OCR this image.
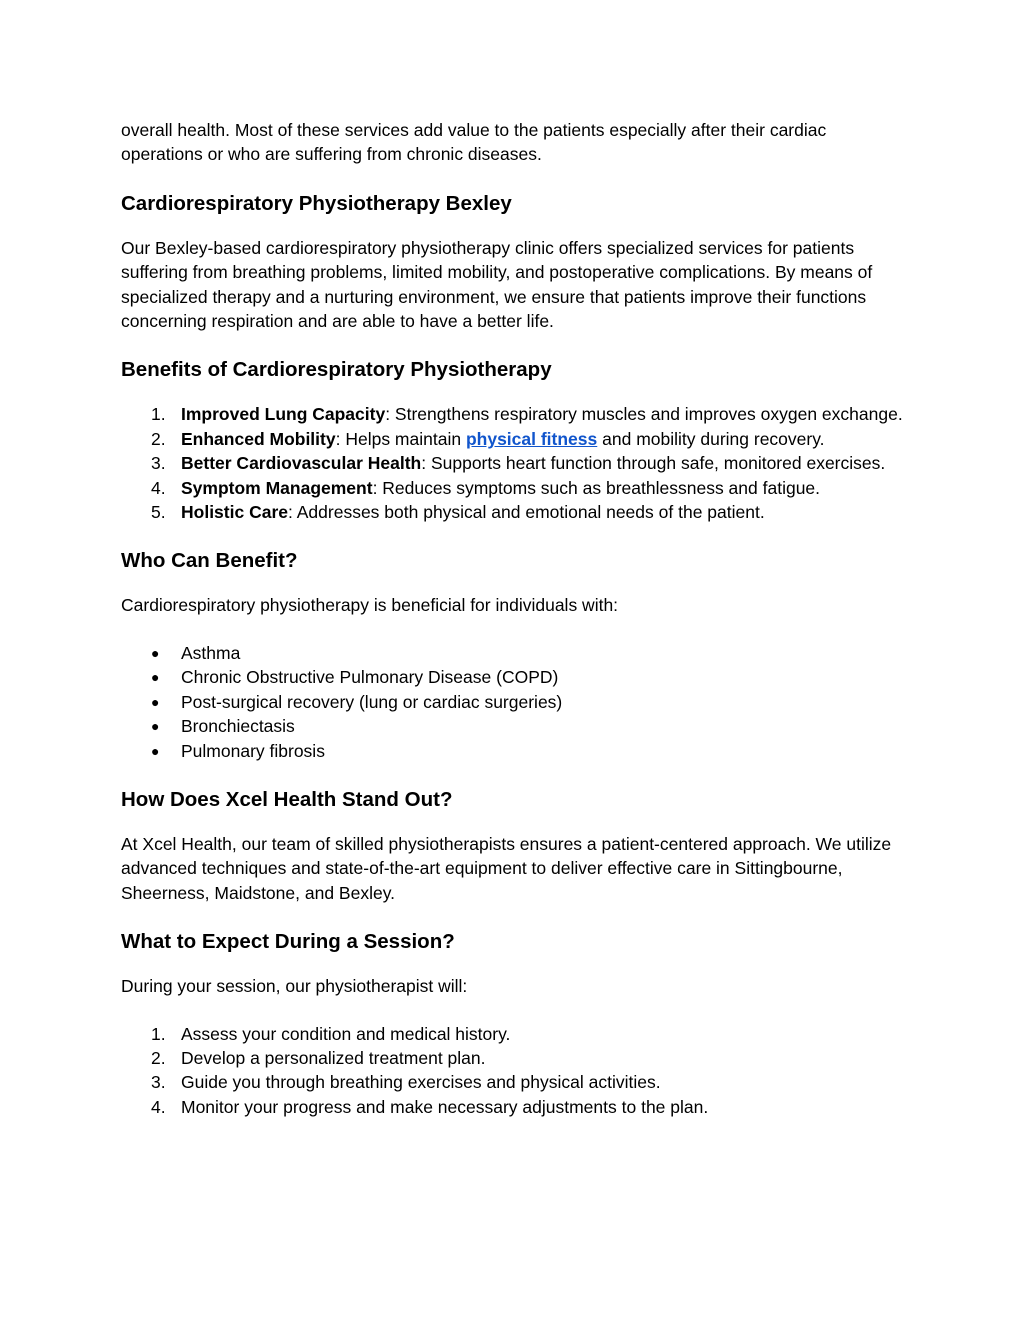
overall health. Most of these services add value to the patients especially after their cardiac operations or who are suffering from chronic diseases.

Cardiorespiratory Physiotherapy Bexley

Our Bexley-based cardiorespiratory physiotherapy clinic offers specialized services for patients suffering from breathing problems, limited mobility, and postoperative complications. By means of specialized therapy and a nurturing environment, we ensure that patients improve their functions concerning respiration and are able to have a better life.

Benefits of Cardiorespiratory Physiotherapy
1. Improved Lung Capacity: Strengthens respiratory muscles and improves oxygen exchange.
2. Enhanced Mobility: Helps maintain physical fitness and mobility during recovery.
3. Better Cardiovascular Health: Supports heart function through safe, monitored exercises.
4. Symptom Management: Reduces symptoms such as breathlessness and fatigue.
5. Holistic Care: Addresses both physical and emotional needs of the patient.
Who Can Benefit?

Cardiorespiratory physiotherapy is beneficial for individuals with:

● Asthma
● Chronic Obstructive Pulmonary Disease (COPD)
● Post-surgical recovery (lung or cardiac surgeries)
● Bronchiectasis
● Pulmonary fibrosis
How Does Xcel Health Stand Out?

At Xcel Health, our team of skilled physiotherapists ensures a patient-centered approach. We utilize advanced techniques and state-of-the-art equipment to deliver effective care in Sittingbourne, Sheerness, Maidstone, and Bexley.

What to Expect During a Session?

During your session, our physiotherapist will:

1. Assess your condition and medical history.
2. Develop a personalized treatment plan.
3. Guide you through breathing exercises and physical activities.
4. Monitor your progress and make necessary adjustments to the plan.
